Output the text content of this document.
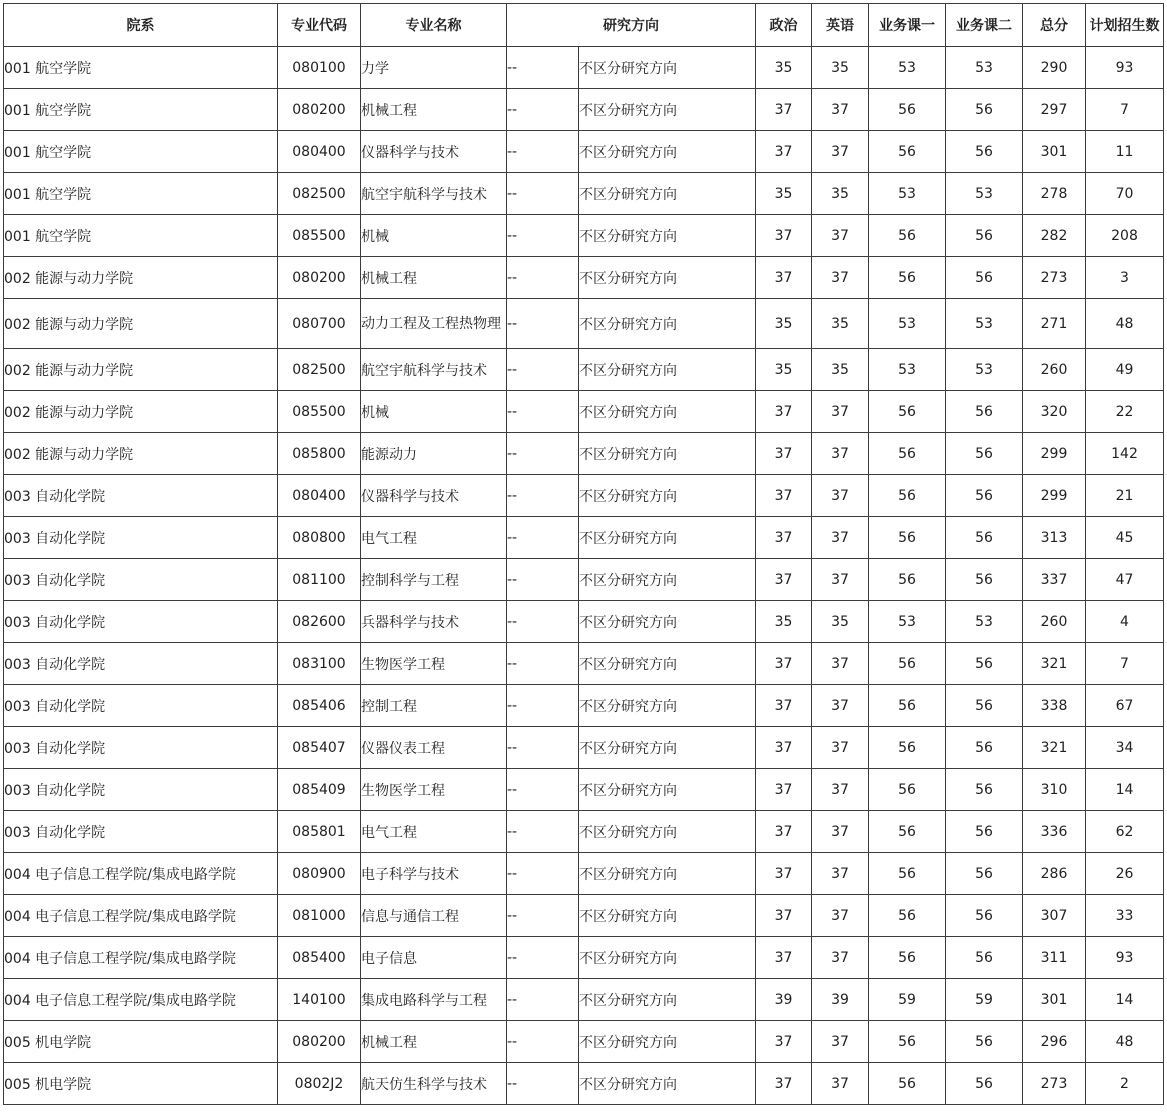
院系	专业代码	专业名称	研究方向		政治	英语	业务课一	业务课二	总分	计划招生数
001 航空学院	080100	力学	--	不区分研究方向	35	35	53	53	290	93
001 航空学院	080200	机械工程	--	不区分研究方向	37	37	56	56	297	7
001 航空学院	080400	仪器科学与技术	--	不区分研究方向	37	37	56	56	301	11
001 航空学院	082500	航空宇航科学与技术	--	不区分研究方向	35	35	53	53	278	70
001 航空学院	085500	机械	--	不区分研究方向	37	37	56	56	282	208
002 能源与动力学院	080200	机械工程	--	不区分研究方向	37	37	56	56	273	3
002 能源与动力学院	080700	动力工程及工程热物理	--	不区分研究方向	35	35	53	53	271	48
002 能源与动力学院	082500	航空宇航科学与技术	--	不区分研究方向	35	35	53	53	260	49
002 能源与动力学院	085500	机械	--	不区分研究方向	37	37	56	56	320	22
002 能源与动力学院	085800	能源动力	--	不区分研究方向	37	37	56	56	299	142
003 自动化学院	080400	仪器科学与技术	--	不区分研究方向	37	37	56	56	299	21
003 自动化学院	080800	电气工程	--	不区分研究方向	37	37	56	56	313	45
003 自动化学院	081100	控制科学与工程	--	不区分研究方向	37	37	56	56	337	47
003 自动化学院	082600	兵器科学与技术	--	不区分研究方向	35	35	53	53	260	4
003 自动化学院	083100	生物医学工程	--	不区分研究方向	37	37	56	56	321	7
003 自动化学院	085406	控制工程	--	不区分研究方向	37	37	56	56	338	67
003 自动化学院	085407	仪器仪表工程	--	不区分研究方向	37	37	56	56	321	34
003 自动化学院	085409	生物医学工程	--	不区分研究方向	37	37	56	56	310	14
003 自动化学院	085801	电气工程	--	不区分研究方向	37	37	56	56	336	62
004 电子信息工程学院/集成电路学院	080900	电子科学与技术	--	不区分研究方向	37	37	56	56	286	26
004 电子信息工程学院/集成电路学院	081000	信息与通信工程	--	不区分研究方向	37	37	56	56	307	33
004 电子信息工程学院/集成电路学院	085400	电子信息	--	不区分研究方向	37	37	56	56	311	93
004 电子信息工程学院/集成电路学院	140100	集成电路科学与工程	--	不区分研究方向	39	39	59	59	301	14
005 机电学院	080200	机械工程	--	不区分研究方向	37	37	56	56	296	48
005 机电学院	0802J2	航天仿生科学与技术	--	不区分研究方向	37	37	56	56	273	2
